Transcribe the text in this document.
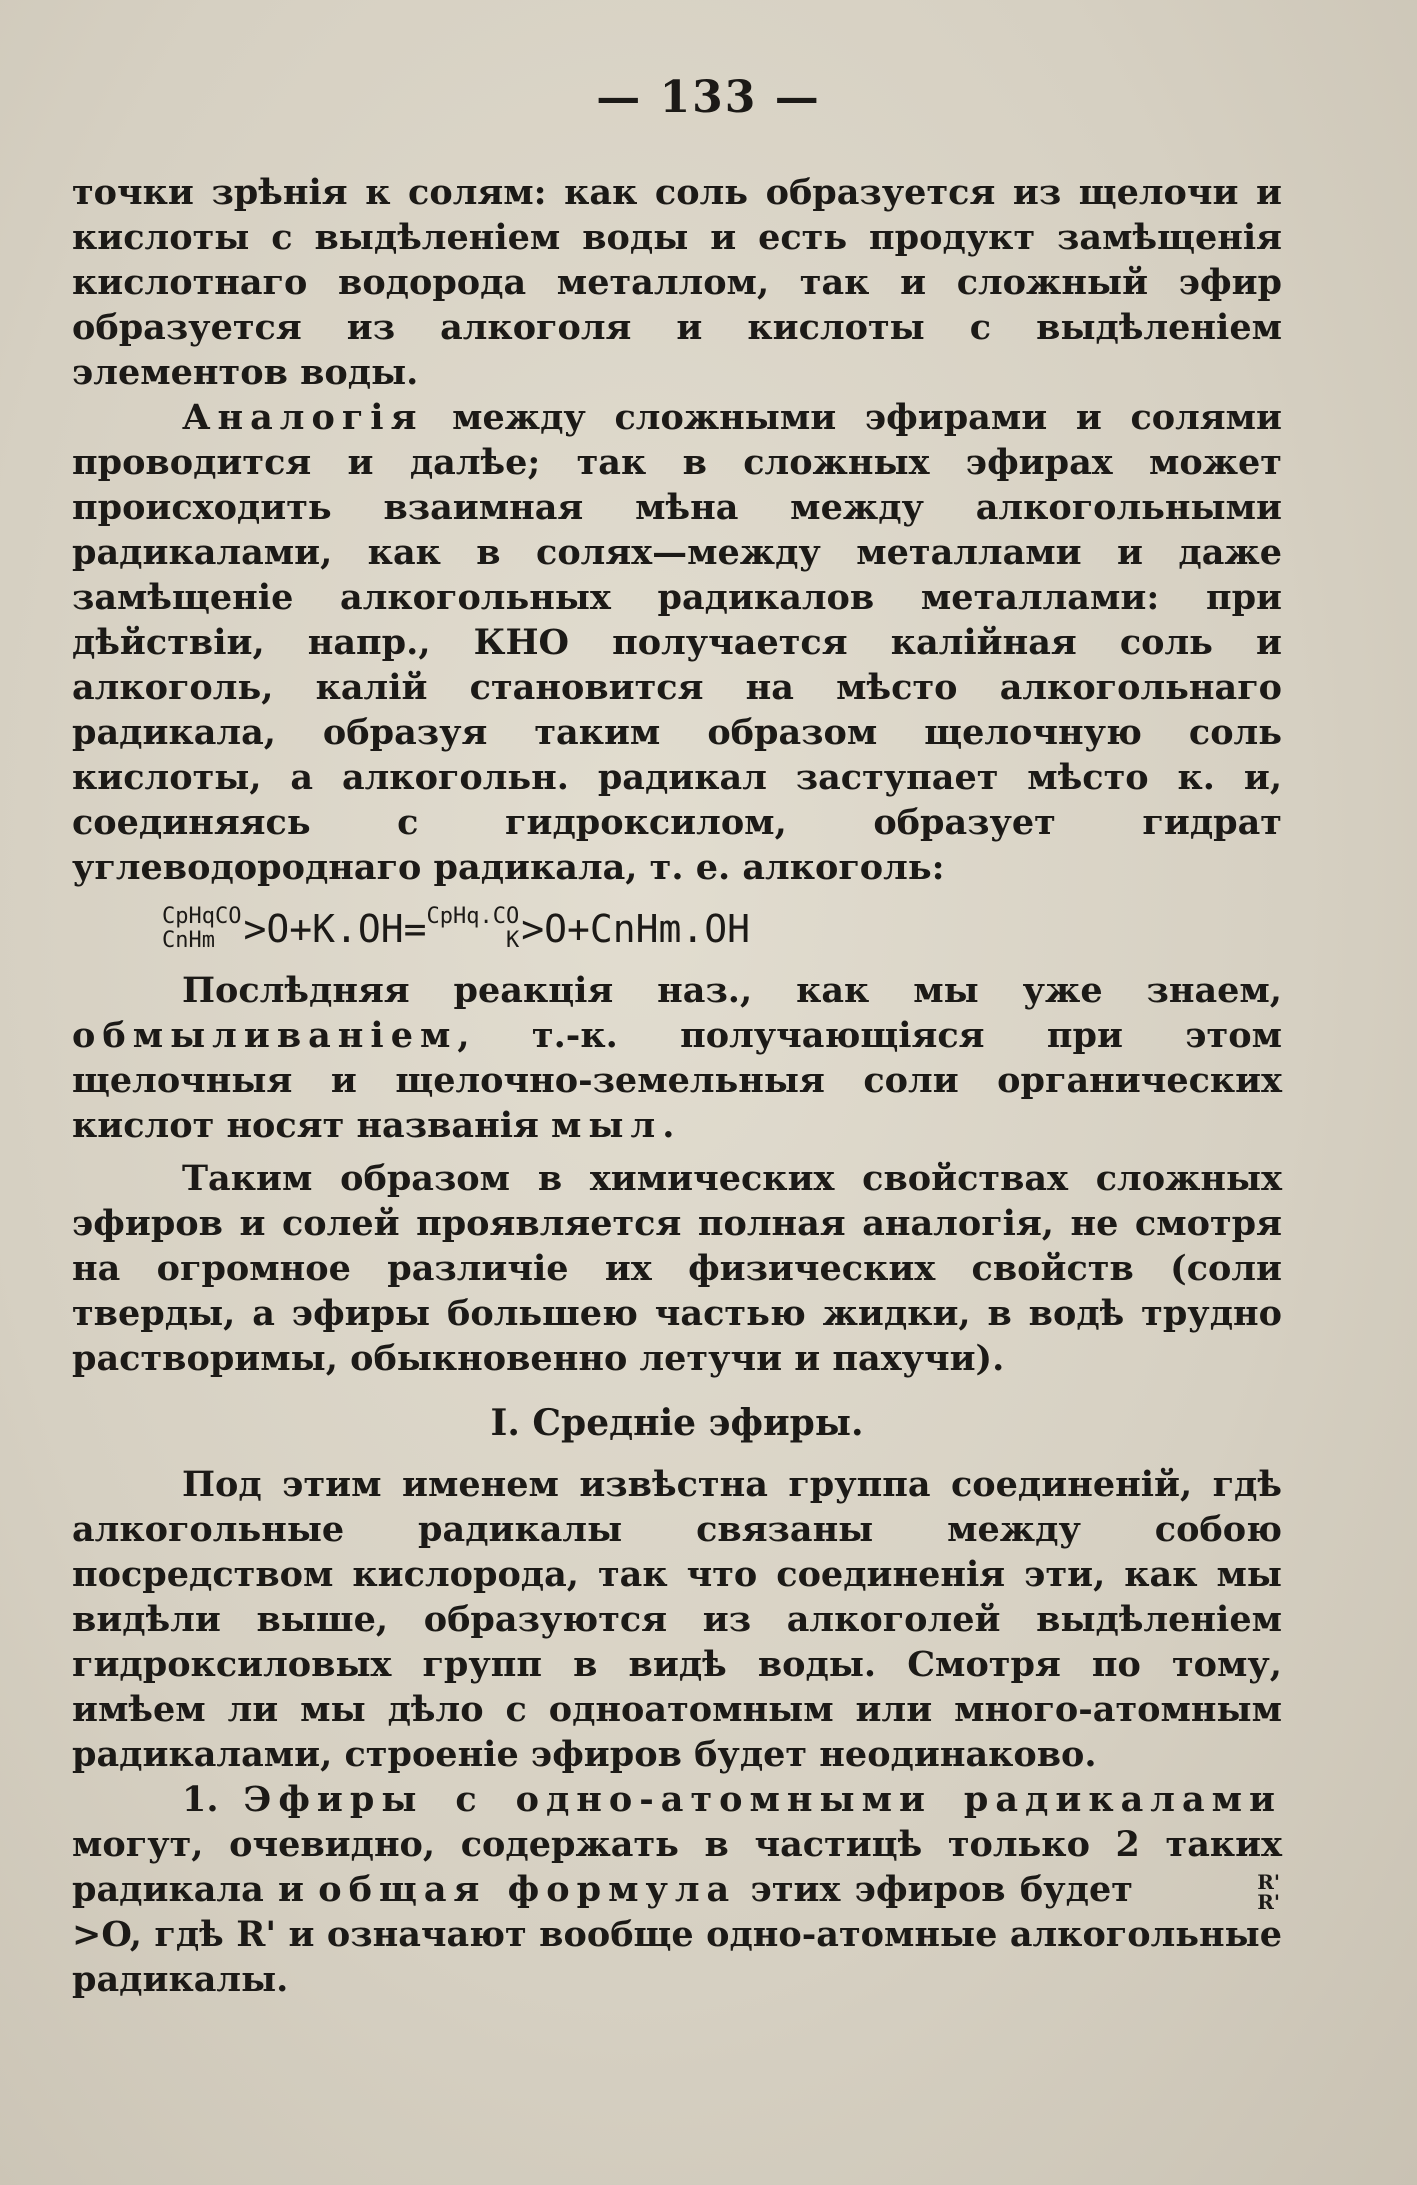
— 133 —

точки зрѣнія к солям: как соль образуется из щелочи и кислоты с выдѣленіем воды и есть продукт замѣщенія кислотнаго водорода металлом, так и сложный эфир образуется из алкоголя и кислоты с выдѣленіем элементов воды.

Аналогія между сложными эфирами и солями проводится и далѣе; так в сложных эфирах может происходить взаимная мѣна между алкогольными радикалами, как в солях—между металлами и даже замѣщеніе алкогольных радикалов металлами: при дѣйствіи, напр., КНО получается калійная соль и алкоголь, калій становится на мѣсто алкогольнаго радикала, образуя таким образом щелочную соль кислоты, а алкогольн. радикал заступает мѣсто к. и, соединяясь с гидроксилом, образует гидрат углеводороднаго радикала, т. е. алкоголь:

CpHqCO
CnHm >O+K.OH= CpHq.CO
K >O+CnHm.OH

Послѣдняя реакція наз., как мы уже знаем, обмыливаніем, т.-к. получающіяся при этом щелочныя и щелочно-земельныя соли органических кислот носят названія мыл.

Таким образом в химических свойствах сложных эфиров и солей проявляется полная аналогія, не смотря на огромное различіе их физических свойств (соли тверды, а эфиры большею частью жидки, в водѣ трудно растворимы, обыкновенно летучи и пахучи).

I. Средніе эфиры.

Под этим именем извѣстна группа соединеній, гдѣ алкогольные радикалы связаны между собою посредством кислорода, так что соединенія эти, как мы видѣли выше, образуются из алкоголей выдѣленіем гидроксиловых групп в видѣ воды. Смотря по тому, имѣем ли мы дѣло с одноатомным или много-атомным радикалами, строеніе эфиров будет неодинаково.

1. Эфиры с одно-атомными радикалами могут, очевидно, содержать в частицѣ только 2 таких радикала и общая формула этих эфиров будет	R'
R'
>O, гдѣ R' и означают вообще одно-атомные алкогольные радикалы.
